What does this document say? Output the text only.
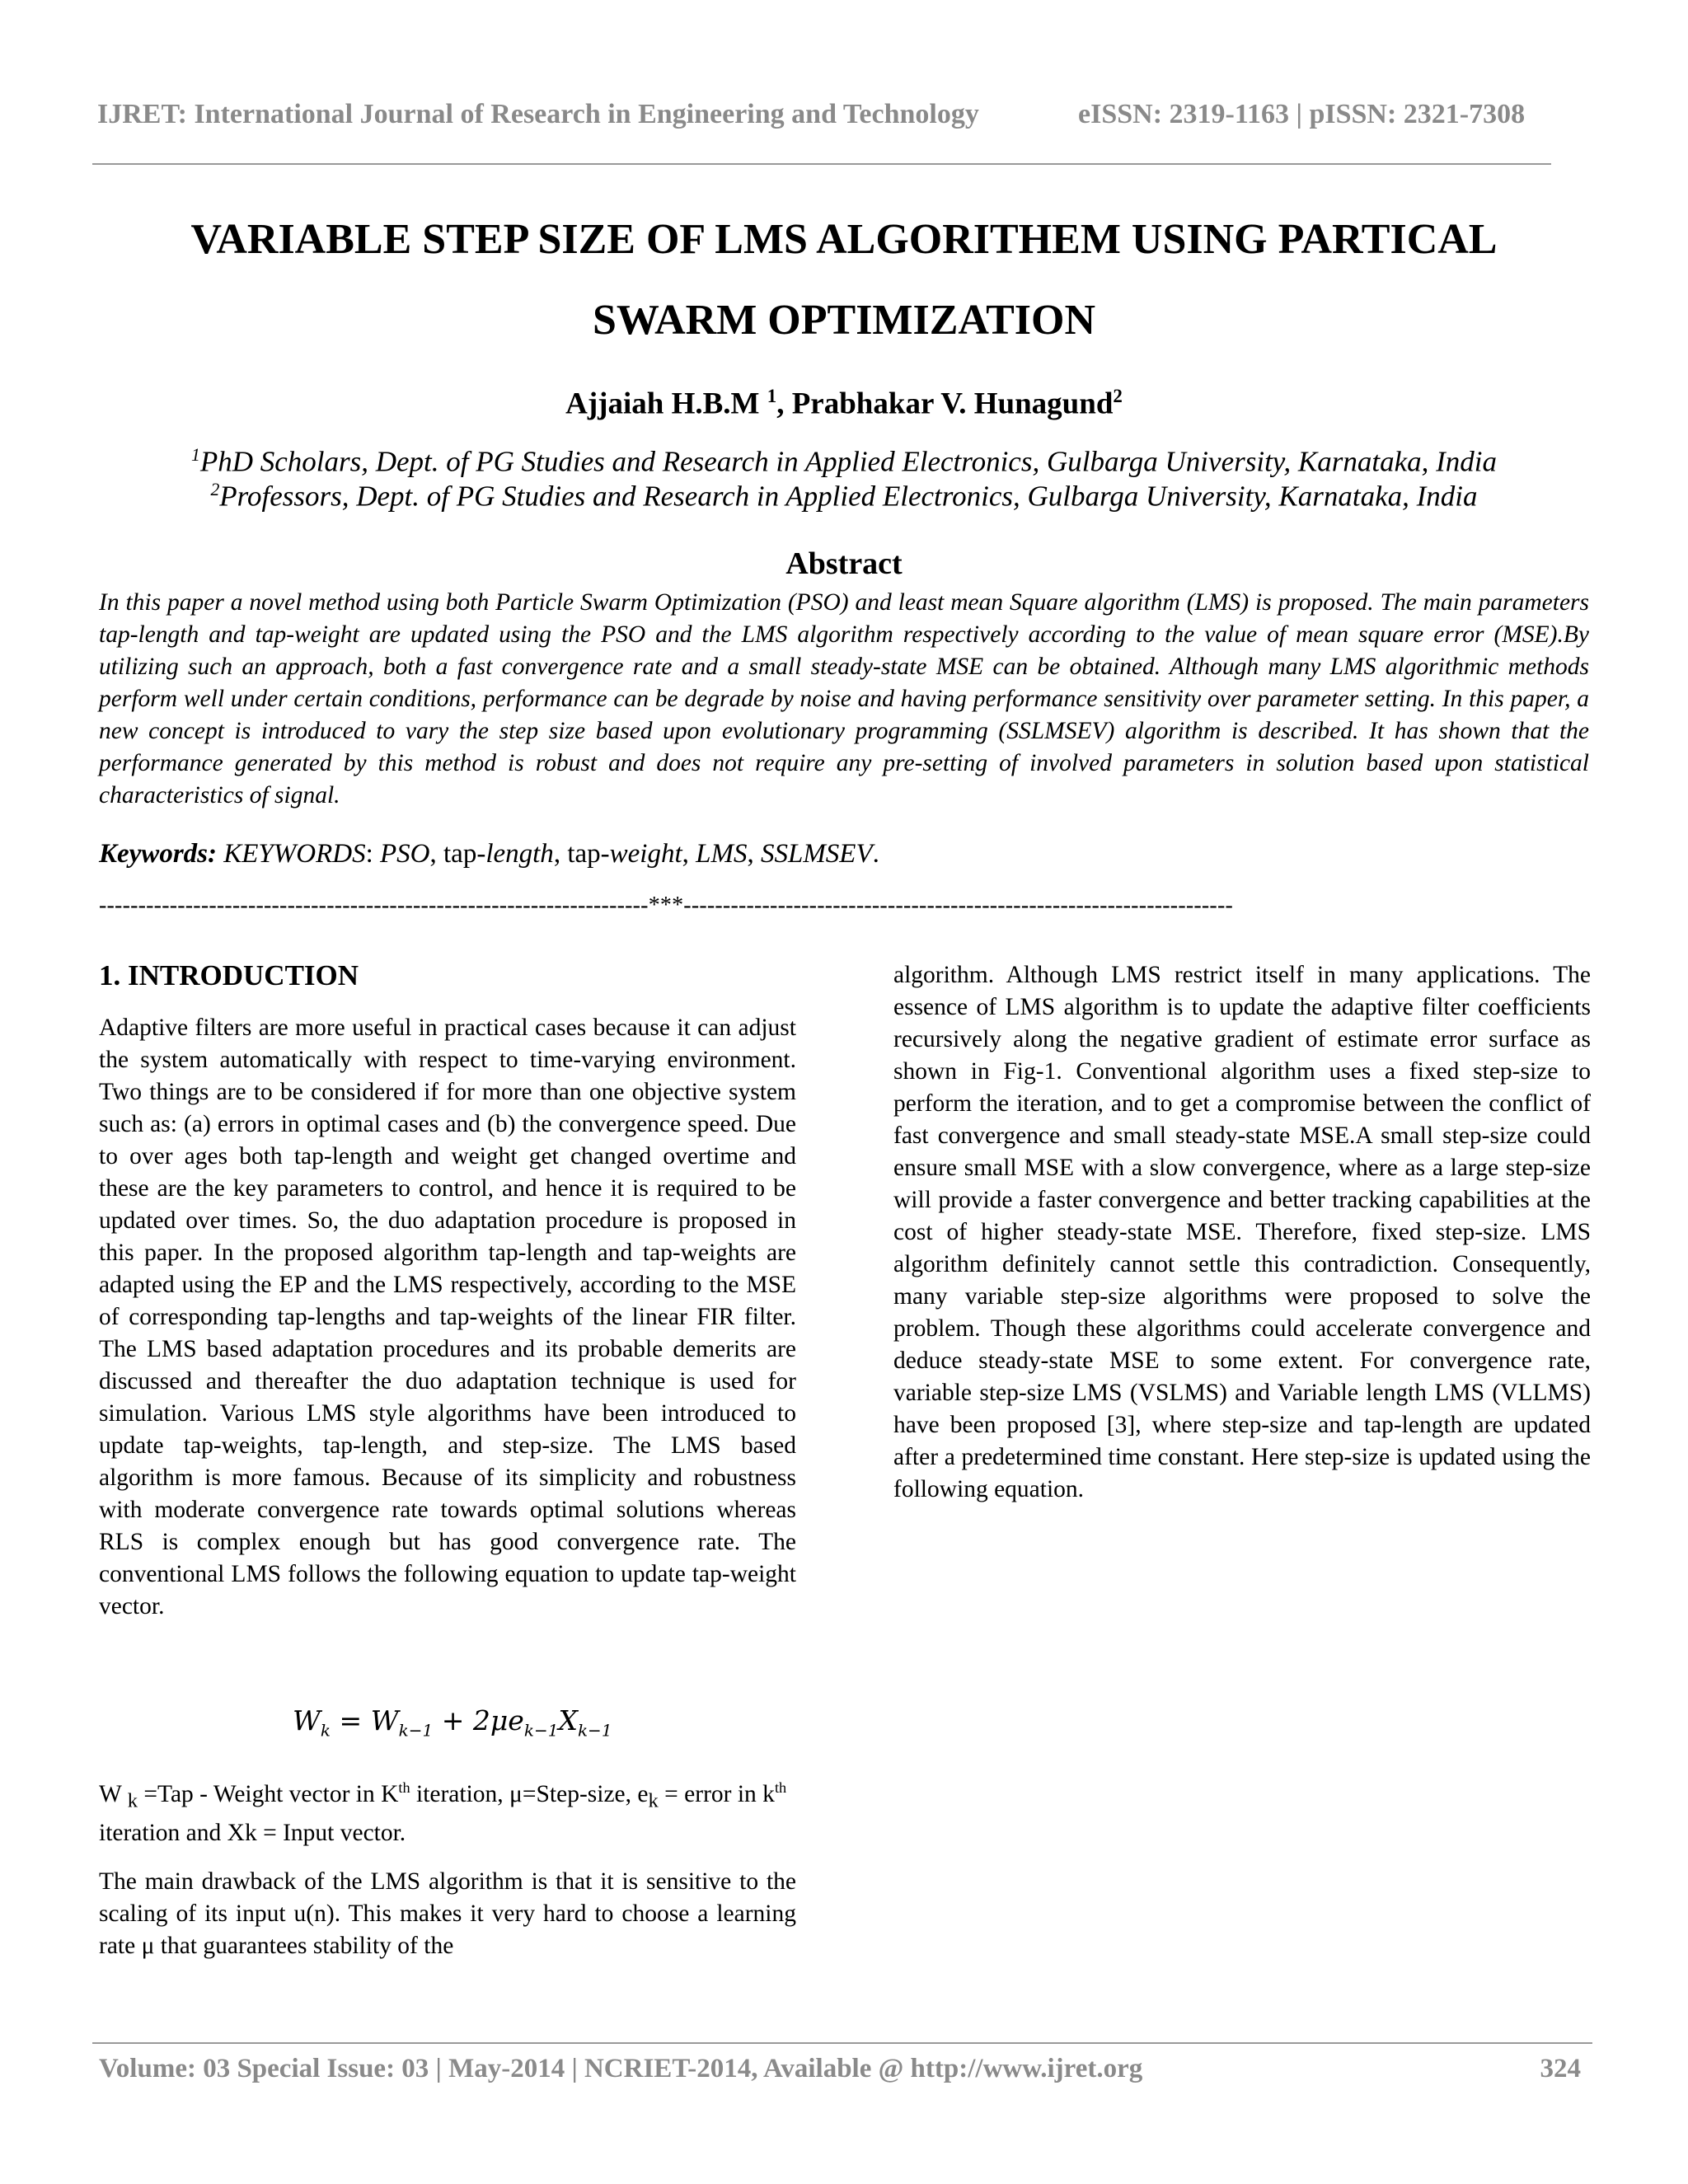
IJRET: International Journal of Research in Engineering and Technology	eISSN: 2319-1163 | pISSN: 2321-7308
VARIABLE STEP SIZE OF LMS ALGORITHEM USING PARTICAL
SWARM OPTIMIZATION
Ajjaiah H.B.M $^1$, Prabhakar V. Hunagund$^2$
$^1$PhD Scholars, Dept. of PG Studies and Research in Applied Electronics, Gulbarga University, Karnataka, India
$^2$Professors, Dept. of PG Studies and Research in Applied Electronics, Gulbarga University, Karnataka, India
Abstract
In this paper a novel method using both Particle Swarm Optimization (PSO) and least mean Square algorithm (LMS) is proposed. The main parameters tap-length and tap-weight are updated using the PSO and the LMS algorithm respectively according to the value of mean square error (MSE).By utilizing such an approach, both a fast convergence rate and a small steady-state MSE can be obtained. Although many LMS algorithmic methods perform well under certain conditions, performance can be degrade by noise and having performance sensitivity over parameter setting. In this paper, a new concept is introduced to vary the step size based upon evolutionary programming (SSLMSEV) algorithm is described. It has shown that the performance generated by this method is robust and does not require any pre-setting of involved parameters in solution based upon statistical characteristics of signal.
Keywords: KEYWORDS: PSO, tap-length, tap-weight, LMS, SSLMSEV.
----------------------------------------------------------------------***----------------------------------------------------------------------
1. INTRODUCTION
Adaptive filters are more useful in practical cases because it can adjust the system automatically with respect to time-varying environment. Two things are to be considered if for more than one objective system such as: (a) errors in optimal cases and (b) the convergence speed. Due to over ages both tap-length and weight get changed overtime and these are the key parameters to control, and hence it is required to be updated over times. So, the duo adaptation procedure is proposed in this paper. In the proposed algorithm tap-length and tap-weights are adapted using the EP and the LMS respectively, according to the MSE of corresponding tap-lengths and tap-weights of the linear FIR filter. The LMS based adaptation procedures and its probable demerits are discussed and thereafter the duo adaptation technique is used for simulation. Various LMS style algorithms have been introduced to update tap-weights, tap-length, and step-size. The LMS based algorithm is more famous. Because of its simplicity and robustness with moderate convergence rate towards optimal solutions whereas RLS is complex enough but has good convergence rate. The conventional LMS follows the following equation to update tap-weight vector.
$W_k = W_{k-1} + 2\mu e_{k-1}X_{k-1}$
W $_k$ =Tap - Weight vector in $K^{th}$ iteration, μ=Step-size, $e_k$ = error in $k^{th}$ iteration and Xk = Input vector.
The main drawback of the LMS algorithm is that it is sensitive to the scaling of its input u(n). This makes it very hard to choose a learning rate μ that guarantees stability of the
algorithm. Although LMS restrict itself in many applications. The essence of LMS algorithm is to update the adaptive filter coefficients recursively along the negative gradient of estimate error surface as shown in Fig-1. Conventional algorithm uses a fixed step-size to perform the iteration, and to get a compromise between the conflict of fast convergence and small steady-state MSE.A small step-size could ensure small MSE with a slow convergence, where as a large step-size will provide a faster convergence and better tracking capabilities at the cost of higher steady-state MSE. Therefore, fixed step-size. LMS algorithm definitely cannot settle this contradiction. Consequently, many variable step-size algorithms were proposed to solve the problem. Though these algorithms could accelerate convergence and deduce steady-state MSE to some extent. For convergence rate, variable step-size LMS (VSLMS) and Variable length LMS (VLLMS) have been proposed [3], where step-size and tap-length are updated after a predetermined time constant. Here step-size is updated using the following equation.
Volume: 03 Special Issue: 03 | May-2014 | NCRIET-2014, Available @ http://www.ijret.org	324
